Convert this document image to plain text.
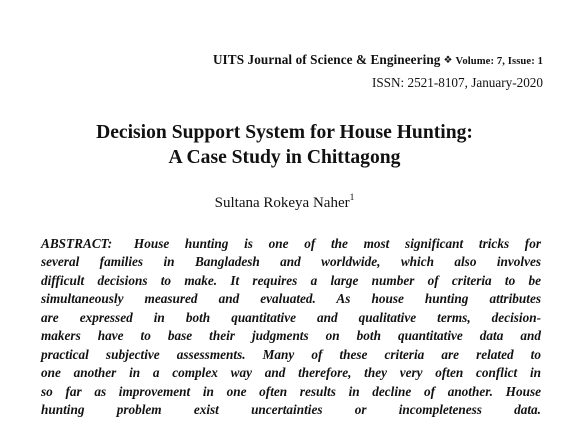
UITS Journal of Science & Engineering ❖ Volume: 7, Issue: 1
ISSN: 2521-8107, January-2020
Decision Support System for House Hunting:
A Case Study in Chittagong
Sultana Rokeya Naher$^1$
ABSTRACT: House hunting is one of the most significant tricks for
several families in Bangladesh and worldwide, which also involves
difficult decisions to make. It requires a large number of criteria to be
simultaneously measured and evaluated. As house hunting attributes
are expressed in both quantitative and qualitative terms, decision-
makers have to base their judgments on both quantitative data and
practical subjective assessments. Many of these criteria are related to
one another in a complex way and therefore, they very often conflict in
so far as improvement in one often results in decline of another. House
hunting problem exist uncertainties or incompleteness data.
